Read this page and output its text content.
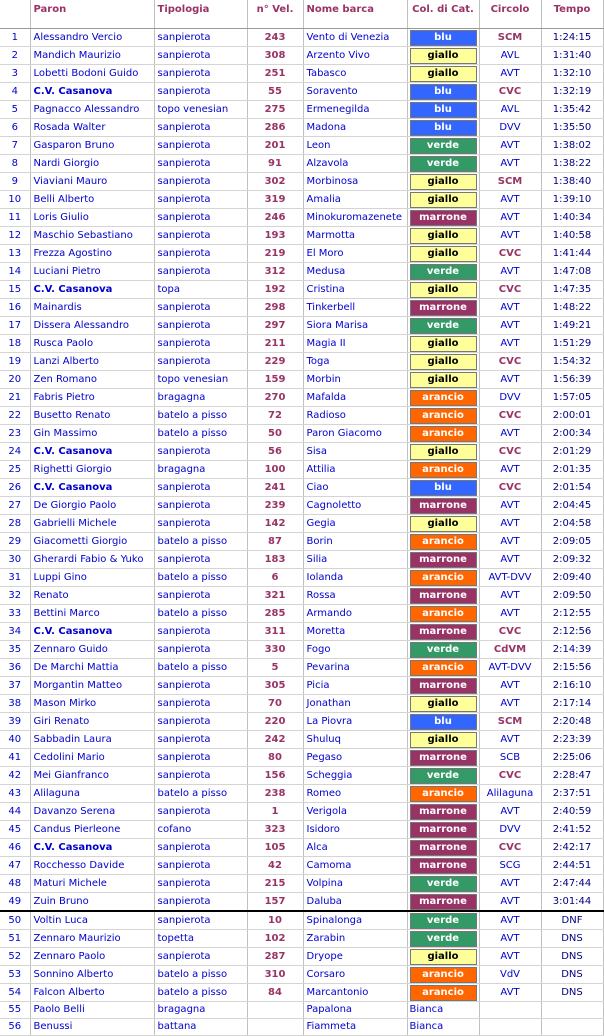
	Paron	Tipologia	n° Vel.	Nome barca	Col. di Cat.	Circolo	Tempo
1	Alessandro Vercio	sanpierota	243	Vento di Venezia	blu	SCM	1:24:15
2	Mandich Maurizio	sanpierota	308	Arzento Vivo	giallo	AVL	1:31:40
3	Lobetti Bodoni Guido	sanpierota	251	Tabasco	giallo	AVT	1:32:10
4	C.V. Casanova	sanpierota	55	Soravento	blu	CVC	1:32:19
5	Pagnacco Alessandro	topo venesian	275	Ermenegilda	blu	AVL	1:35:42
6	Rosada Walter	sanpierota	286	Madona	blu	DVV	1:35:50
7	Gasparon Bruno	sanpierota	201	Leon	verde	AVT	1:38:02
8	Nardi Giorgio	sanpierota	91	Alzavola	verde	AVT	1:38:22
9	Viaviani Mauro	sanpierota	302	Morbinosa	giallo	SCM	1:38:40
10	Belli Alberto	sanpierota	319	Amalia	giallo	AVT	1:39:10
11	Loris Giulio	sanpierota	246	Minokuromazenete	marrone	AVT	1:40:34
12	Maschio Sebastiano	sanpierota	193	Marmotta	giallo	AVT	1:40:58
13	Frezza Agostino	sanpierota	219	El Moro	giallo	CVC	1:41:44
14	Luciani Pietro	sanpierota	312	Medusa	verde	AVT	1:47:08
15	C.V. Casanova	topa	192	Cristina	giallo	CVC	1:47:35
16	Mainardis	sanpierota	298	Tinkerbell	marrone	AVT	1:48:22
17	Dissera Alessandro	sanpierota	297	Siora Marisa	verde	AVT	1:49:21
18	Rusca Paolo	sanpierota	211	Magia II	giallo	AVT	1:51:29
19	Lanzi Alberto	sanpierota	229	Toga	giallo	CVC	1:54:32
20	Zen Romano	topo venesian	159	Morbin	giallo	AVT	1:56:39
21	Fabris Pietro	bragagna	270	Mafalda	arancio	DVV	1:57:05
22	Busetto Renato	batelo a pisso	72	Radioso	arancio	CVC	2:00:01
23	Gin Massimo	batelo a pisso	50	Paron Giacomo	arancio	AVT	2:00:34
24	C.V. Casanova	sanpierota	56	Sisa	giallo	CVC	2:01:29
25	Righetti Giorgio	bragagna	100	Attilia	arancio	AVT	2:01:35
26	C.V. Casanova	sanpierota	241	Ciao	blu	CVC	2:01:54
27	De Giorgio Paolo	sanpierota	239	Cagnoletto	marrone	AVT	2:04:45
28	Gabrielli Michele	sanpierota	142	Gegia	giallo	AVT	2:04:58
29	Giacometti Giorgio	batelo a pisso	87	Borin	arancio	AVT	2:09:05
30	Gherardi Fabio & Yuko	sanpierota	183	Silia	marrone	AVT	2:09:32
31	Luppi Gino	batelo a pisso	6	Iolanda	arancio	AVT-DVV	2:09:40
32	Renato	sanpierota	321	Rossa	marrone	AVT	2:09:50
33	Bettini Marco	batelo a pisso	285	Armando	arancio	AVT	2:12:55
34	C.V. Casanova	sanpierota	311	Moretta	marrone	CVC	2:12:56
35	Zennaro Guido	sanpierota	330	Fogo	verde	CdVM	2:14:39
36	De Marchi Mattia	batelo a pisso	5	Pevarina	arancio	AVT-DVV	2:15:56
37	Morgantin Matteo	sanpierota	305	Picia	marrone	AVT	2:16:10
38	Mason Mirko	sanpierota	70	Jonathan	giallo	AVT	2:17:14
39	Giri Renato	sanpierota	220	La Piovra	blu	SCM	2:20:48
40	Sabbadin Laura	sanpierota	242	Shuluq	giallo	AVT	2:23:39
41	Cedolini Mario	sanpierota	80	Pegaso	marrone	SCB	2:25:06
42	Mei Gianfranco	sanpierota	156	Scheggia	verde	CVC	2:28:47
43	Alilaguna	batelo a pisso	238	Romeo	arancio	Alilaguna	2:37:51
44	Davanzo Serena	sanpierota	1	Verigola	marrone	AVT	2:40:59
45	Candus Pierleone	cofano	323	Isidoro	marrone	DVV	2:41:52
46	C.V. Casanova	sanpierota	105	Alca	marrone	CVC	2:42:17
47	Rocchesso Davide	sanpierota	42	Camoma	marrone	SCG	2:44:51
48	Maturi Michele	sanpierota	215	Volpina	verde	AVT	2:47:44
49	Zuin Bruno	sanpierota	157	Daluba	marrone	AVT	3:01:44
50	Voltin Luca	sanpierota	10	Spinalonga	verde	AVT	DNF
51	Zennaro Maurizio	topetta	102	Zarabin	verde	AVT	DNS
52	Zennaro Paolo	sanpierota	287	Dryope	giallo	AVT	DNS
53	Sonnino Alberto	batelo a pisso	310	Corsaro	arancio	VdV	DNS
54	Falcon Alberto	batelo a pisso	84	Marcantonio	arancio	AVT	DNS
55	Paolo Belli	bragagna		Papalona	Bianca		
56	Benussi	battana		Fiammeta	Bianca		
